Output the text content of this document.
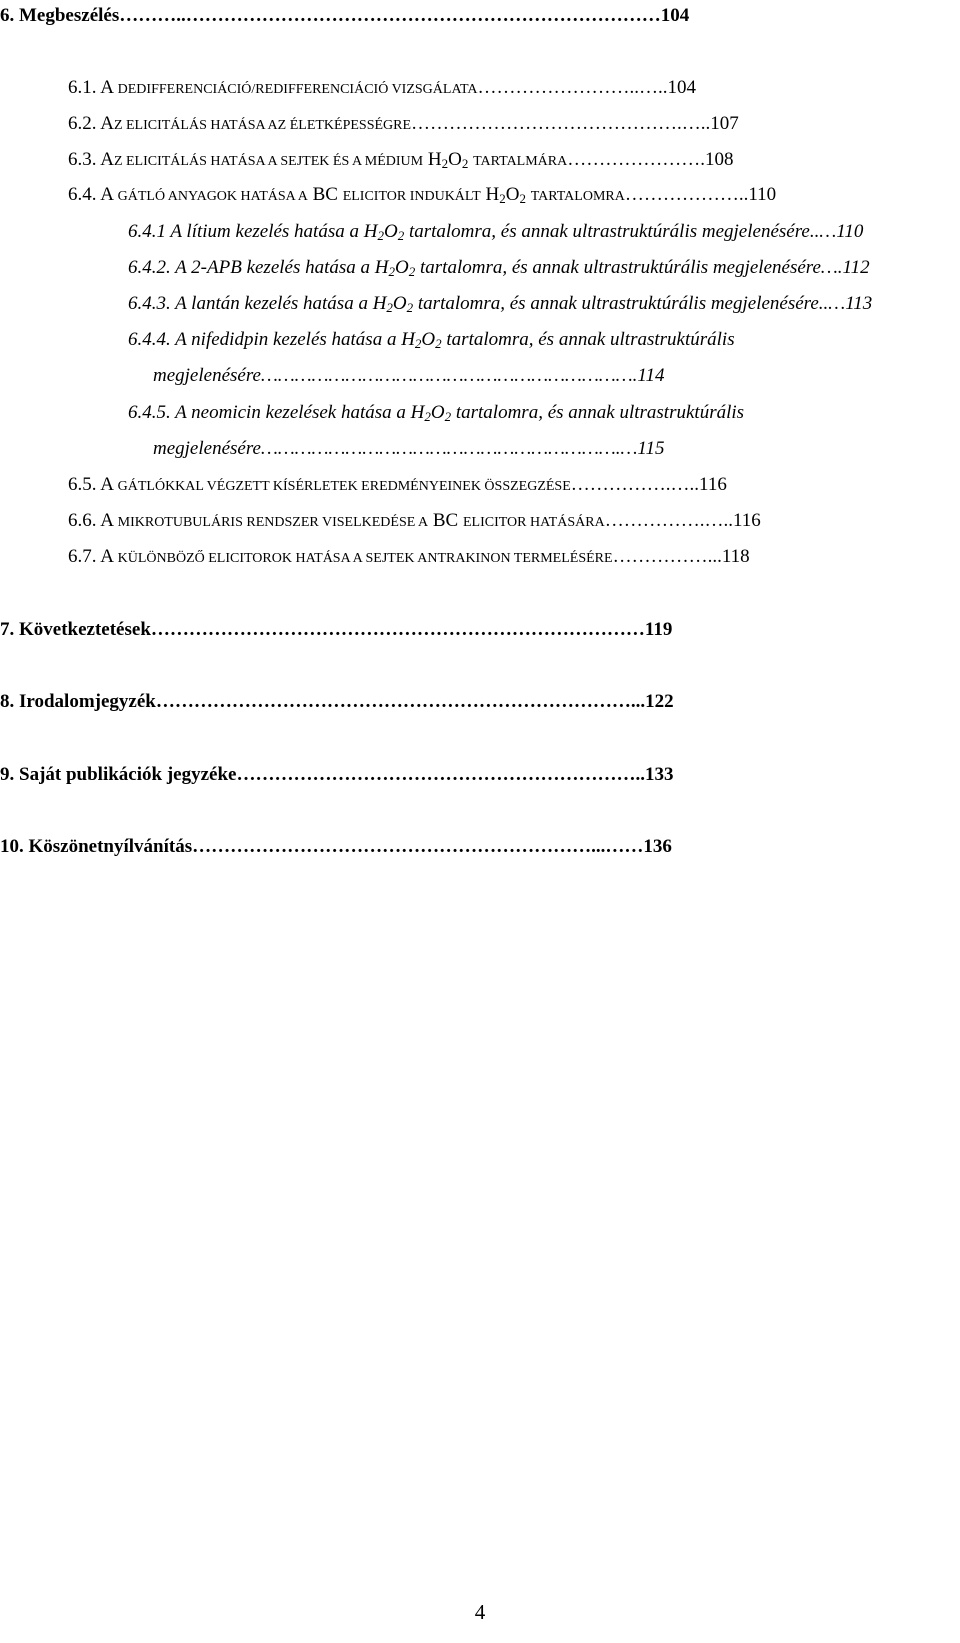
6. Megbeszélés………..…………………………………………………………………104
6.1. A DEDIFFERENCIÁCIÓ/REDIFFERENCIÁCIÓ VIZSGÁLATA……………………..…..104
6.2. AZ ELICITÁLÁS HATÁSA AZ ÉLETKÉPESSÉGRE…………………………………….…..107
6.3. AZ ELICITÁLÁS HATÁSA A SEJTEK ÉS A MÉDIUM $H_2O_2$ TARTALMÁRA………………….108
6.4. A GÁTLÓ ANYAGOK HATÁSA A BC ELICITOR INDUKÁLT $H_2O_2$ TARTALOMRA………………..110
6.4.1 A lítium kezelés hatása a $H_2O_2$ tartalomra, és annak ultrastruktúrális megjelenésére..…110
6.4.2. A 2-APB kezelés hatása a $H_2O_2$ tartalomra, és annak ultrastruktúrális megjelenésére….112
6.4.3. A lantán kezelés hatása a $H_2O_2$ tartalomra, és annak ultrastruktúrális megjelenésére..…113
6.4.4. A nifedidpin kezelés hatása a $H_2O_2$ tartalomra, és annak ultrastruktúrális
megjelenésére………………………………………………………….114
6.4.5. A neomicin kezelések hatása a $H_2O_2$ tartalomra, és annak ultrastruktúrális
megjelenésére……………………………………………………….…115
6.5. A GÁTLÓKKAL VÉGZETT KÍSÉRLETEK EREDMÉNYEINEK ÖSSZEGZÉSE…………….…..116
6.6. A MIKROTUBULÁRIS RENDSZER VISELKEDÉSE A BC ELICITOR HATÁSÁRA…………….…..116
6.7. A KÜLÖNBÖZŐ ELICITOROK HATÁSA A SEJTEK ANTRAKINON TERMELÉSÉRE……………...118
7. Következtetések……………………………………………………………………119
8. Irodalomjegyzék…………………………………………………………………...122
9. Saját publikációk jegyzéke………………………………………………………..133
10. Köszönetnyílvánítás………………………………………………………...……136
4
